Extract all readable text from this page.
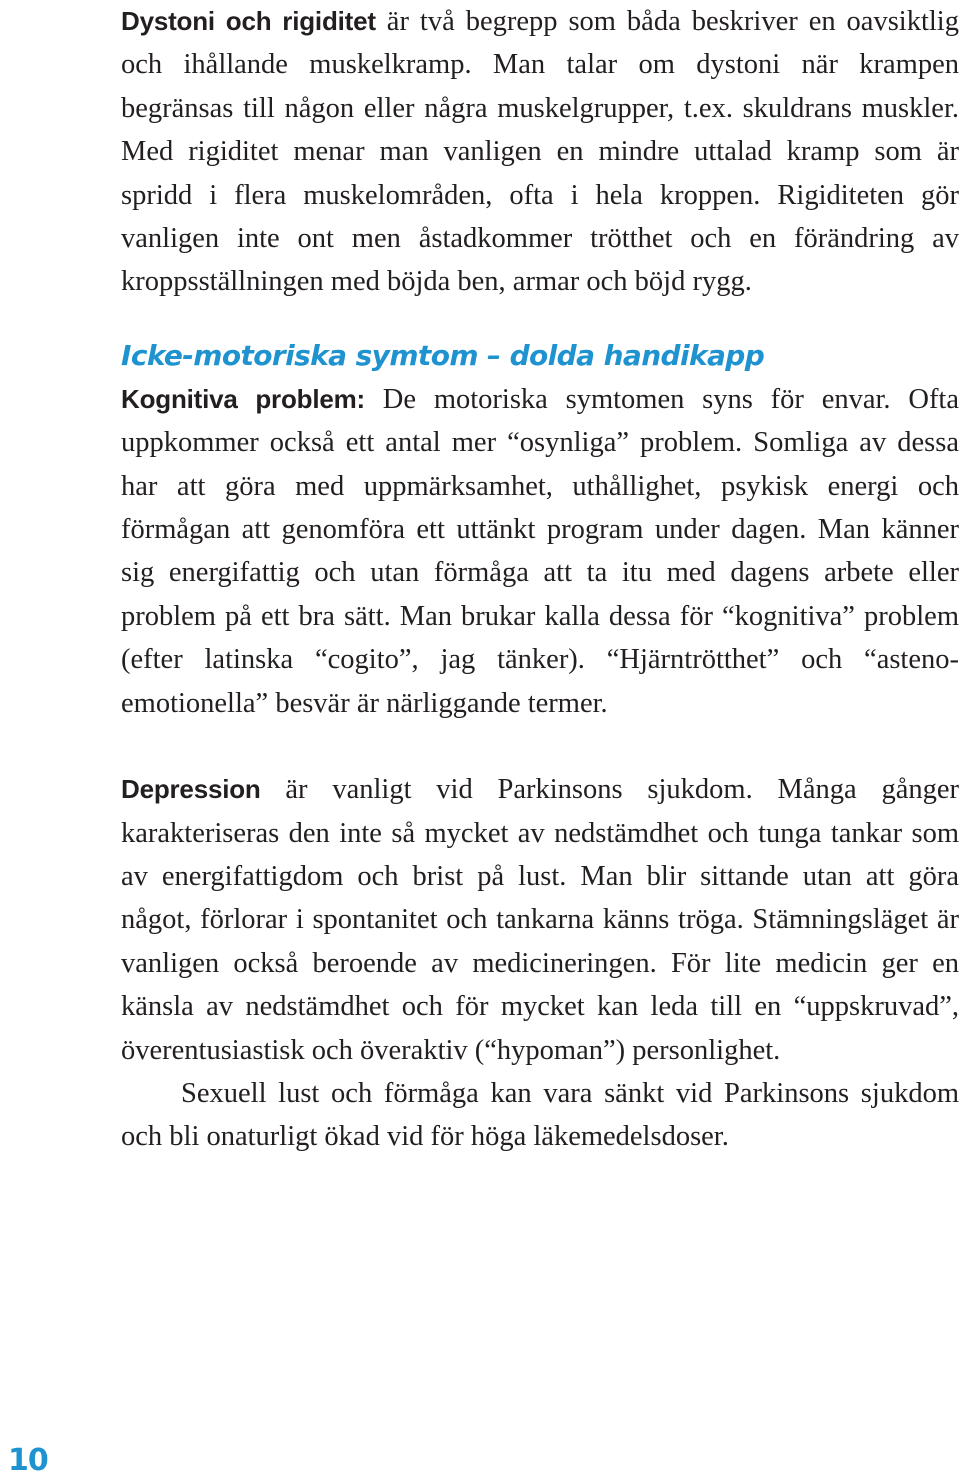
Dystoni och rigiditet är två begrepp som båda beskriver en oavsiktlig och ihållande muskelkramp. Man talar om dystoni när krampen begränsas till någon eller några muskelgrupper, t.ex. skuldrans muskler. Med rigiditet menar man vanligen en mindre uttalad kramp som är spridd i flera muskelområden, ofta i hela kroppen. Rigiditeten gör vanligen inte ont men åstadkommer trötthet och en förändring av kroppsställningen med böjda ben, armar och böjd rygg.

Icke-motoriska symtom – dolda handikapp

Kognitiva problem: De motoriska symtomen syns för envar. Ofta uppkommer också ett antal mer “osynliga” problem. Somliga av dessa har att göra med uppmärksamhet, uthållighet, psykisk energi och förmågan att genomföra ett uttänkt program under dagen. Man känner sig energifattig och utan förmåga att ta itu med dagens arbete eller problem på ett bra sätt. Man brukar kalla dessa för “kognitiva” problem (efter latinska “cogito”, jag tänker). “Hjärntrötthet” och “asteno-emotionella” besvär är närliggande termer.

Depression är vanligt vid Parkinsons sjukdom. Många gånger karakteriseras den inte så mycket av nedstämdhet och tunga tankar som av energifattigdom och brist på lust. Man blir sittande utan att göra något, förlorar i spontanitet och tankarna känns tröga. Stämningsläget är vanligen också beroende av medicineringen. För lite medicin ger en känsla av nedstämdhet och för mycket kan leda till en “uppskruvad”, överentusiastisk och överaktiv (“hypoman”) personlighet.

Sexuell lust och förmåga kan vara sänkt vid Parkinsons sjukdom och bli onaturligt ökad vid för höga läkemedelsdoser.

10
